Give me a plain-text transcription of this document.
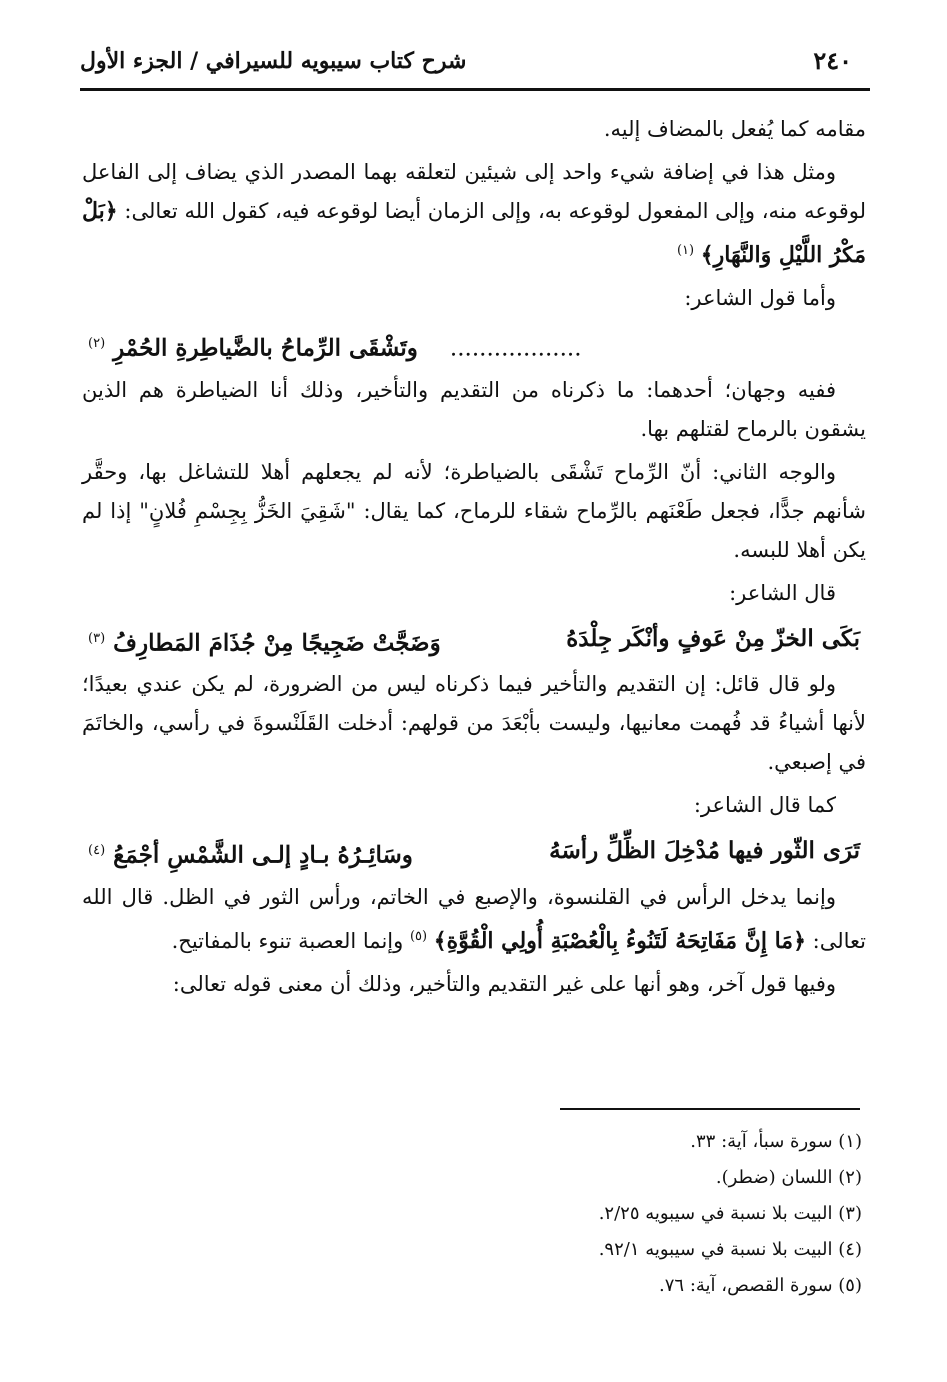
٢٤٠
شرح كتاب سيبويه للسيرافي / الجزء الأول

مقامه كما يُفعل بالمضاف إليه.

ومثل هذا في إضافة شيء واحد إلى شيئين لتعلقه بهما المصدر الذي يضاف إلى الفاعل لوقوعه منه، وإلى المفعول لوقوعه به، وإلى الزمان أيضا لوقوعه فيه، كقول الله تعالى: ﴿بَلْ مَكْرُ اللَّيْلِ وَالنَّهَارِ﴾ $^{(١)}$

وأما قول الشاعر:

..................    وتَشْقَى الرِّماحُ بالضَّياطِرةِ الحُمْرِ $^{(٢)}$

ففيه وجهان؛ أحدهما: ما ذكرناه من التقديم والتأخير، وذلك أنا الضياطرة هم الذين يشقون بالرماح لقتلهم بها.

والوجه الثاني: أنّ الرِّماح تَشْقَى بالضياطرة؛ لأنه لم يجعلهم أهلا للتشاغل بها، وحقَّر شأنهم جدًّا، فجعل طَعْنَهم بالرِّماح شقاء للرماح، كما يقال: "شَقِيَ الخَزُّ بِجِسْمِ فُلانٍ" إذا لم يكن أهلا للبسه.

قال الشاعر:

بَكَى الخزّ مِنْ عَوفٍ وأنْكَر جِلْدَهُ
وَضَجَّتْ ضَجِيجًا مِنْ جُذَامَ المَطارِفُ $^{(٣)}$

ولو قال قائل: إن التقديم والتأخير فيما ذكرناه ليس من الضرورة، لم يكن عندي بعيدًا؛ لأنها أشياءُ قد فُهمت معانيها، وليست بأبْعَدَ من قولهم: أدخلت القَلَنْسوةَ في رأسي، والخاتَمَ في إصبعي.

كما قال الشاعر:

تَرَى الثّور فيها مُدْخِلَ الظِّلِّ رأسَهُ
وسَائِـرُهُ بـادٍ إلـى الشَّمْسِ أجْمَعُ $^{(٤)}$

وإنما يدخل الرأس في القلنسوة، والإصبع في الخاتم، ورأس الثور في الظل. قال الله تعالى: ﴿مَا إِنَّ مَفَاتِحَهُ لَتَنُوءُ بِالْعُصْبَةِ أُولِي الْقُوَّةِ﴾ $^{(٥)}$ وإنما العصبة تنوء بالمفاتيح.

وفيها قول آخر، وهو أنها على غير التقديم والتأخير، وذلك أن معنى قوله تعالى:

(١) سورة سبأ، آية: ٣٣.
(٢) اللسان (ضطر).
(٣) البيت بلا نسبة في سيبويه ٢/٢٥.
(٤) البيت بلا نسبة في سيبويه ٩٢/١.
(٥) سورة القصص، آية: ٧٦.
